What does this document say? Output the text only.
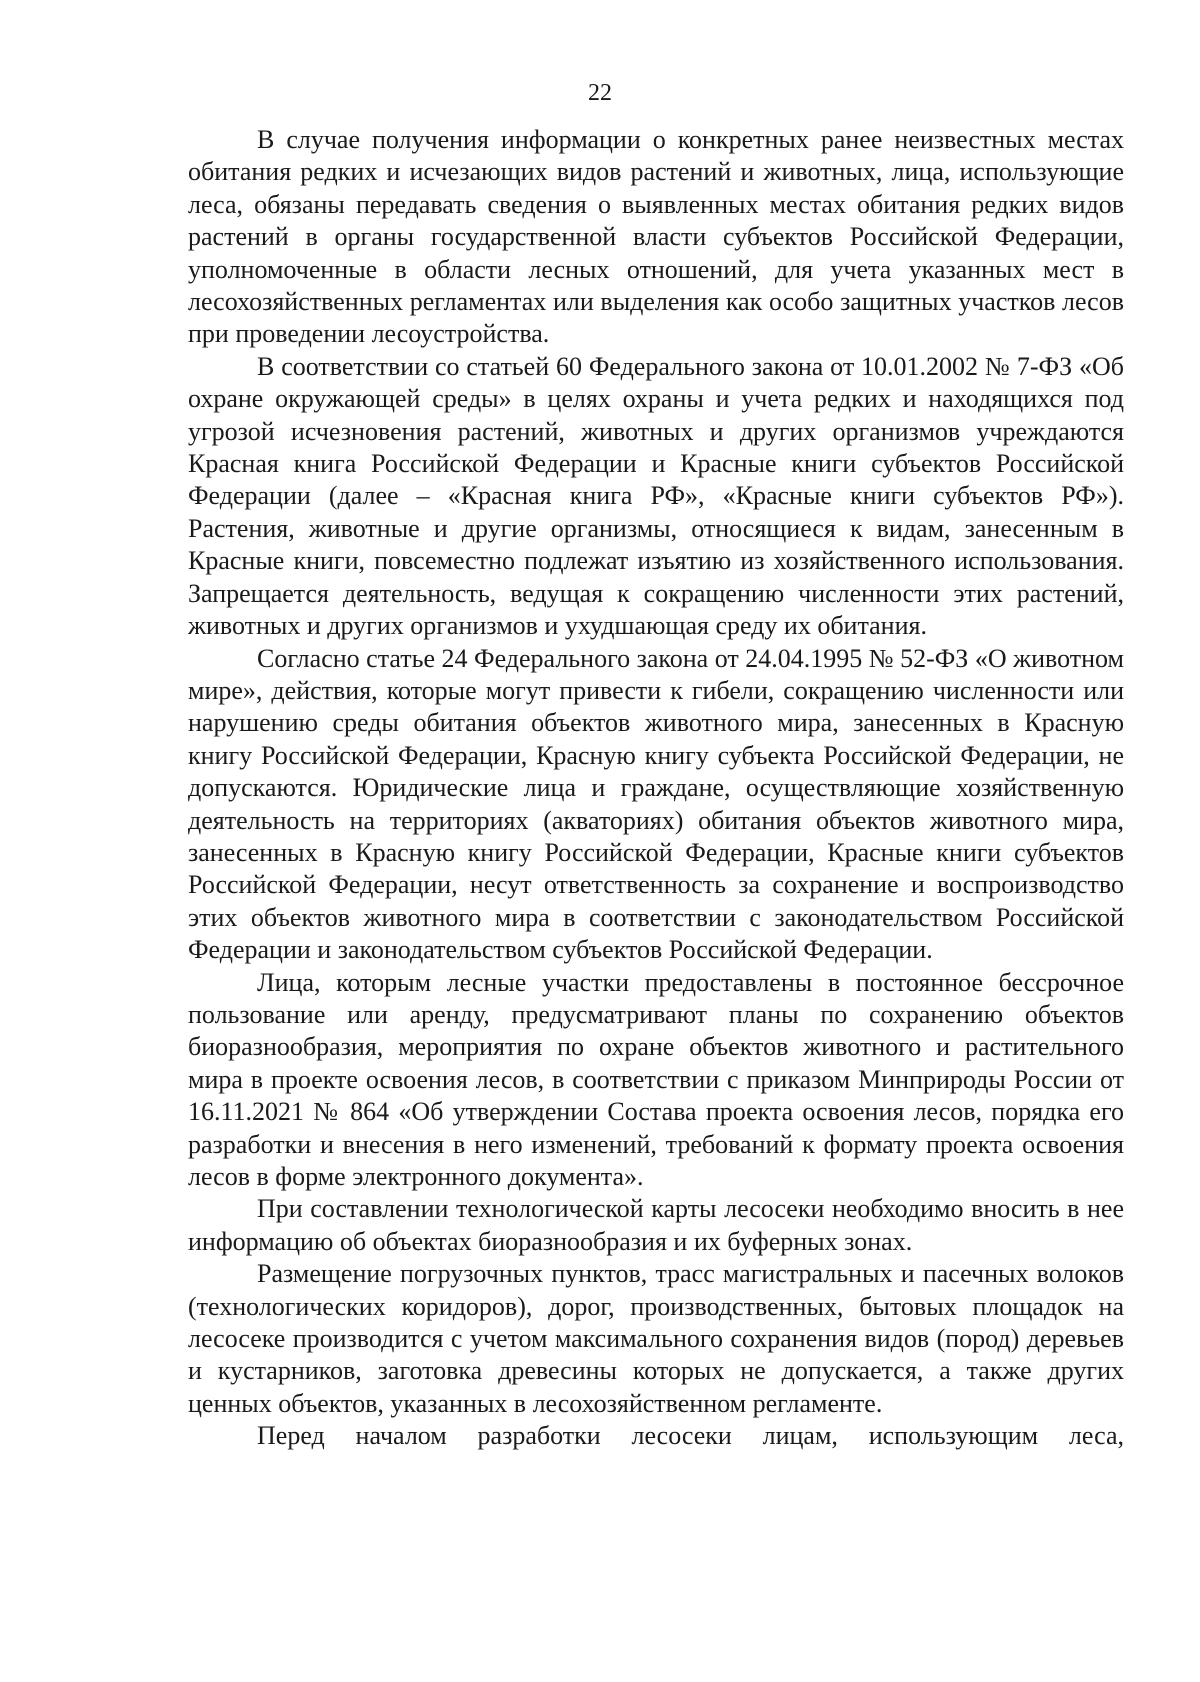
22

В случае получения информации о конкретных ранее неизвестных местах обитания редких и исчезающих видов растений и животных, лица, использующие леса, обязаны передавать сведения о выявленных местах обитания редких видов растений в органы государственной власти субъектов Российской Федерации, уполномоченные в области лесных отношений, для учета указанных мест в лесохозяйственных регламентах или выделения как особо защитных участков лесов при проведении лесоустройства.

В соответствии со статьей 60 Федерального закона от 10.01.2002 № 7-ФЗ «Об охране окружающей среды» в целях охраны и учета редких и находящихся под угрозой исчезновения растений, животных и других организмов учреждаются Красная книга Российской Федерации и Красные книги субъектов Российской Федерации (далее – «Красная книга РФ», «Красные книги субъектов РФ»). Растения, животные и другие организмы, относящиеся к видам, занесенным в Красные книги, повсеместно подлежат изъятию из хозяйственного использования. Запрещается деятельность, ведущая к сокращению численности этих растений, животных и других организмов и ухудшающая среду их обитания.

Согласно статье 24 Федерального закона от 24.04.1995 № 52-ФЗ «О животном мире», действия, которые могут привести к гибели, сокращению численности или нарушению среды обитания объектов животного мира, занесенных в Красную книгу Российской Федерации, Красную книгу субъекта Российской Федерации, не допускаются. Юридические лица и граждане, осуществляющие хозяйственную деятельность на территориях (акваториях) обитания объектов животного мира, занесенных в Красную книгу Российской Федерации, Красные книги субъектов Российской Федерации, несут ответственность за сохранение и воспроизводство этих объектов животного мира в соответствии с законодательством Российской Федерации и законодательством субъектов Российской Федерации.

Лица, которым лесные участки предоставлены в постоянное бессрочное пользование или аренду, предусматривают планы по сохранению объектов биоразнообразия, мероприятия по охране объектов животного и растительного мира в проекте освоения лесов, в соответствии с приказом Минприроды России от 16.11.2021 № 864 «Об утверждении Состава проекта освоения лесов, порядка его разработки и внесения в него изменений, требований к формату проекта освоения лесов в форме электронного документа».

При составлении технологической карты лесосеки необходимо вносить в нее информацию об объектах биоразнообразия и их буферных зонах.

Размещение погрузочных пунктов, трасс магистральных и пасечных волоков (технологических коридоров), дорог, производственных, бытовых площадок на лесосеке производится с учетом максимального сохранения видов (пород) деревьев и кустарников, заготовка древесины которых не допускается, а также других ценных объектов, указанных в лесохозяйственном регламенте.

Перед началом разработки лесосеки лицам, использующим леса,
